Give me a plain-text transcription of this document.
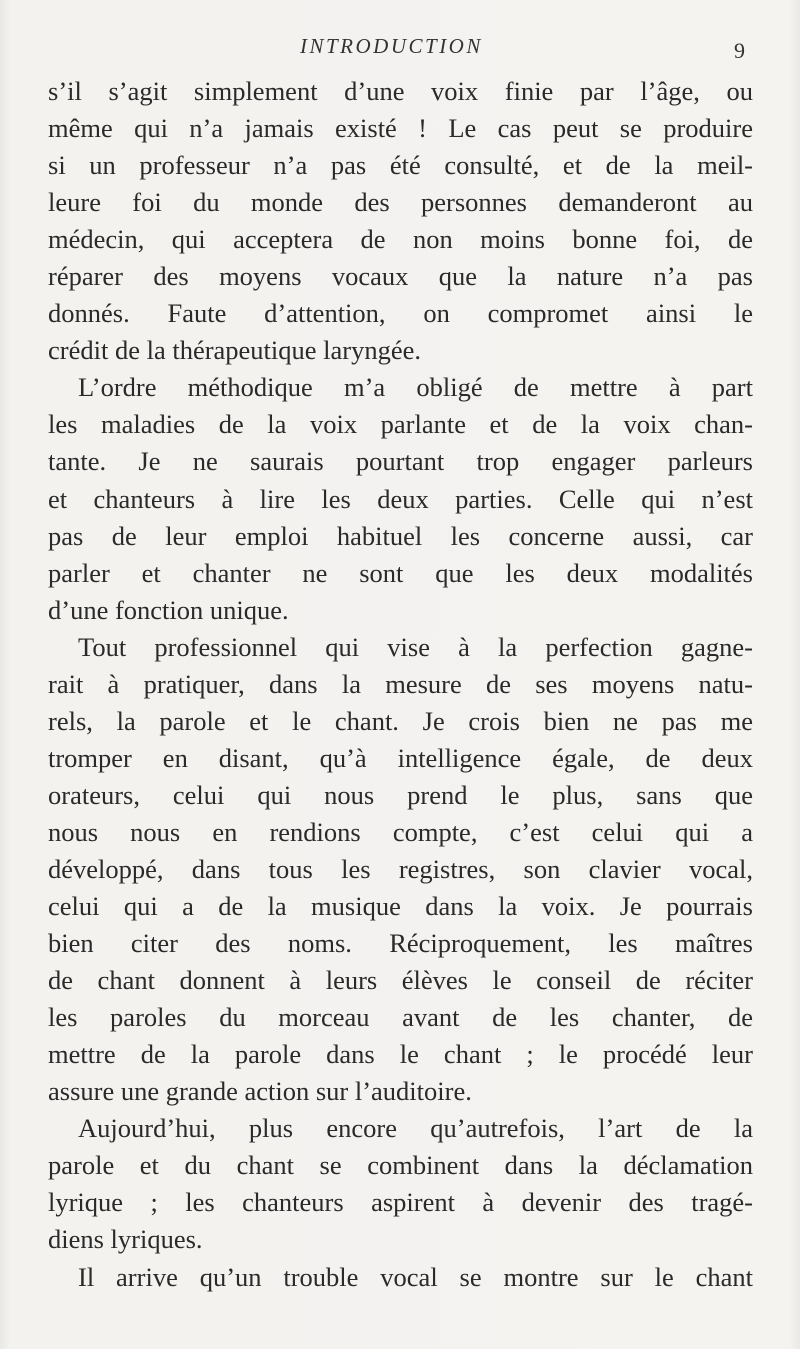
INTRODUCTION	9
s’il s’agit simplement d’une voix finie par l’âge, ou
même qui n’a jamais existé ! Le cas peut se produire
si un professeur n’a pas été consulté, et de la meil-
leure foi du monde des personnes demanderont au
médecin, qui acceptera de non moins bonne foi, de
réparer des moyens vocaux que la nature n’a pas
donnés. Faute d’attention, on compromet ainsi le
crédit de la thérapeutique laryngée.
L’ordre méthodique m’a obligé de mettre à part
les maladies de la voix parlante et de la voix chan-
tante. Je ne saurais pourtant trop engager parleurs
et chanteurs à lire les deux parties. Celle qui n’est
pas de leur emploi habituel les concerne aussi, car
parler et chanter ne sont que les deux modalités
d’une fonction unique.
Tout professionnel qui vise à la perfection gagne-
rait à pratiquer, dans la mesure de ses moyens natu-
rels, la parole et le chant. Je crois bien ne pas me
tromper en disant, qu’à intelligence égale, de deux
orateurs, celui qui nous prend le plus, sans que
nous nous en rendions compte, c’est celui qui a
développé, dans tous les registres, son clavier vocal,
celui qui a de la musique dans la voix. Je pourrais
bien citer des noms. Réciproquement, les maîtres
de chant donnent à leurs élèves le conseil de réciter
les paroles du morceau avant de les chanter, de
mettre de la parole dans le chant ; le procédé leur
assure une grande action sur l’auditoire.
Aujourd’hui, plus encore qu’autrefois, l’art de la
parole et du chant se combinent dans la déclamation
lyrique ; les chanteurs aspirent à devenir des tragé-
diens lyriques.
Il arrive qu’un trouble vocal se montre sur le chant
